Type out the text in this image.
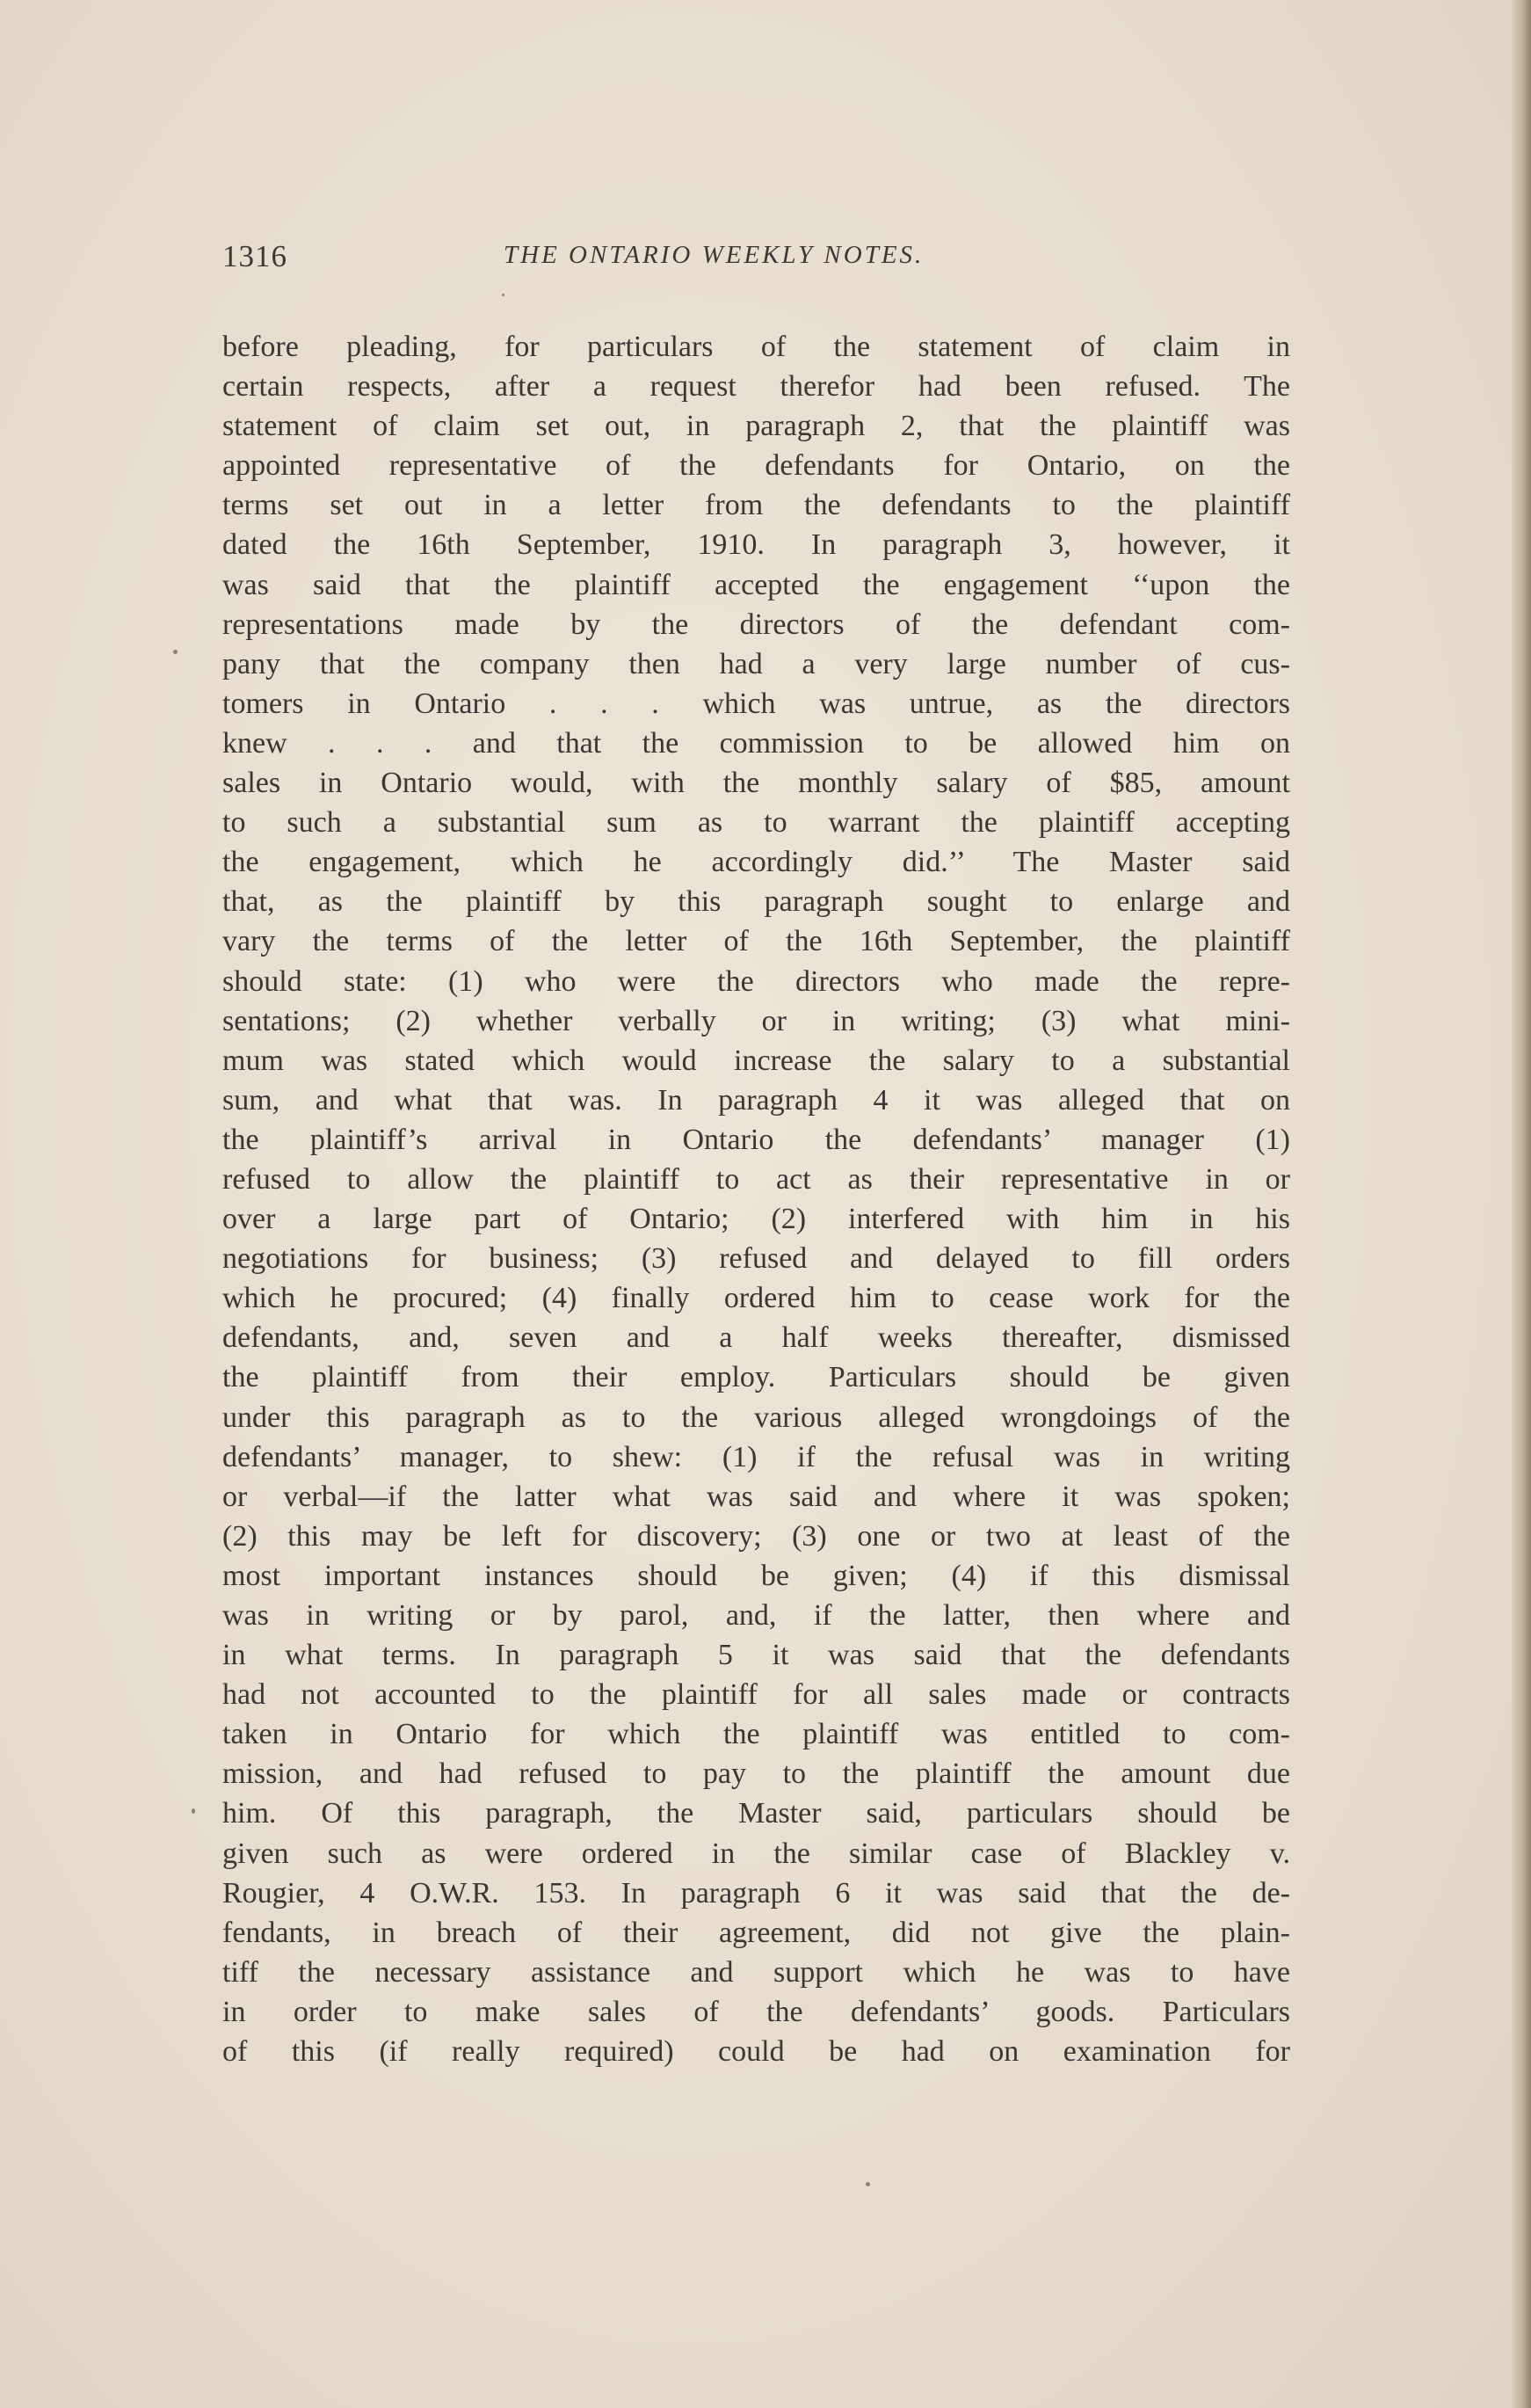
1316	THE ONTARIO WEEKLY NOTES.
before pleading, for particulars of the statement of claim in
certain respects, after a request therefor had been refused. The
statement of claim set out, in paragraph 2, that the plaintiff was
appointed representative of the defendants for Ontario, on the
terms set out in a letter from the defendants to the plaintiff
dated the 16th September, 1910. In paragraph 3, however, it
was said that the plaintiff accepted the engagement ‘‘upon the
representations made by the directors of the defendant com-
pany that the company then had a very large number of cus-
tomers in Ontario . . . which was untrue, as the directors
knew . . . and that the commission to be allowed him on
sales in Ontario would, with the monthly salary of $85, amount
to such a substantial sum as to warrant the plaintiff accepting
the engagement, which he accordingly did.’’ The Master said
that, as the plaintiff by this paragraph sought to enlarge and
vary the terms of the letter of the 16th September, the plaintiff
should state: (1) who were the directors who made the repre-
sentations; (2) whether verbally or in writing; (3) what mini-
mum was stated which would increase the salary to a substantial
sum, and what that was. In paragraph 4 it was alleged that on
the plaintiff’s arrival in Ontario the defendants’ manager (1)
refused to allow the plaintiff to act as their representative in or
over a large part of Ontario; (2) interfered with him in his
negotiations for business; (3) refused and delayed to fill orders
which he procured; (4) finally ordered him to cease work for the
defendants, and, seven and a half weeks thereafter, dismissed
the plaintiff from their employ. Particulars should be given
under this paragraph as to the various alleged wrongdoings of the
defendants’ manager, to shew: (1) if the refusal was in writing
or verbal—if the latter what was said and where it was spoken;
(2) this may be left for discovery; (3) one or two at least of the
most important instances should be given; (4) if this dismissal
was in writing or by parol, and, if the latter, then where and
in what terms. In paragraph 5 it was said that the defendants
had not accounted to the plaintiff for all sales made or contracts
taken in Ontario for which the plaintiff was entitled to com-
mission, and had refused to pay to the plaintiff the amount due
him. Of this paragraph, the Master said, particulars should be
given such as were ordered in the similar case of Blackley v.
Rougier, 4 O.W.R. 153. In paragraph 6 it was said that the de-
fendants, in breach of their agreement, did not give the plain-
tiff the necessary assistance and support which he was to have
in order to make sales of the defendants’ goods. Particulars
of this (if really required) could be had on examination for
